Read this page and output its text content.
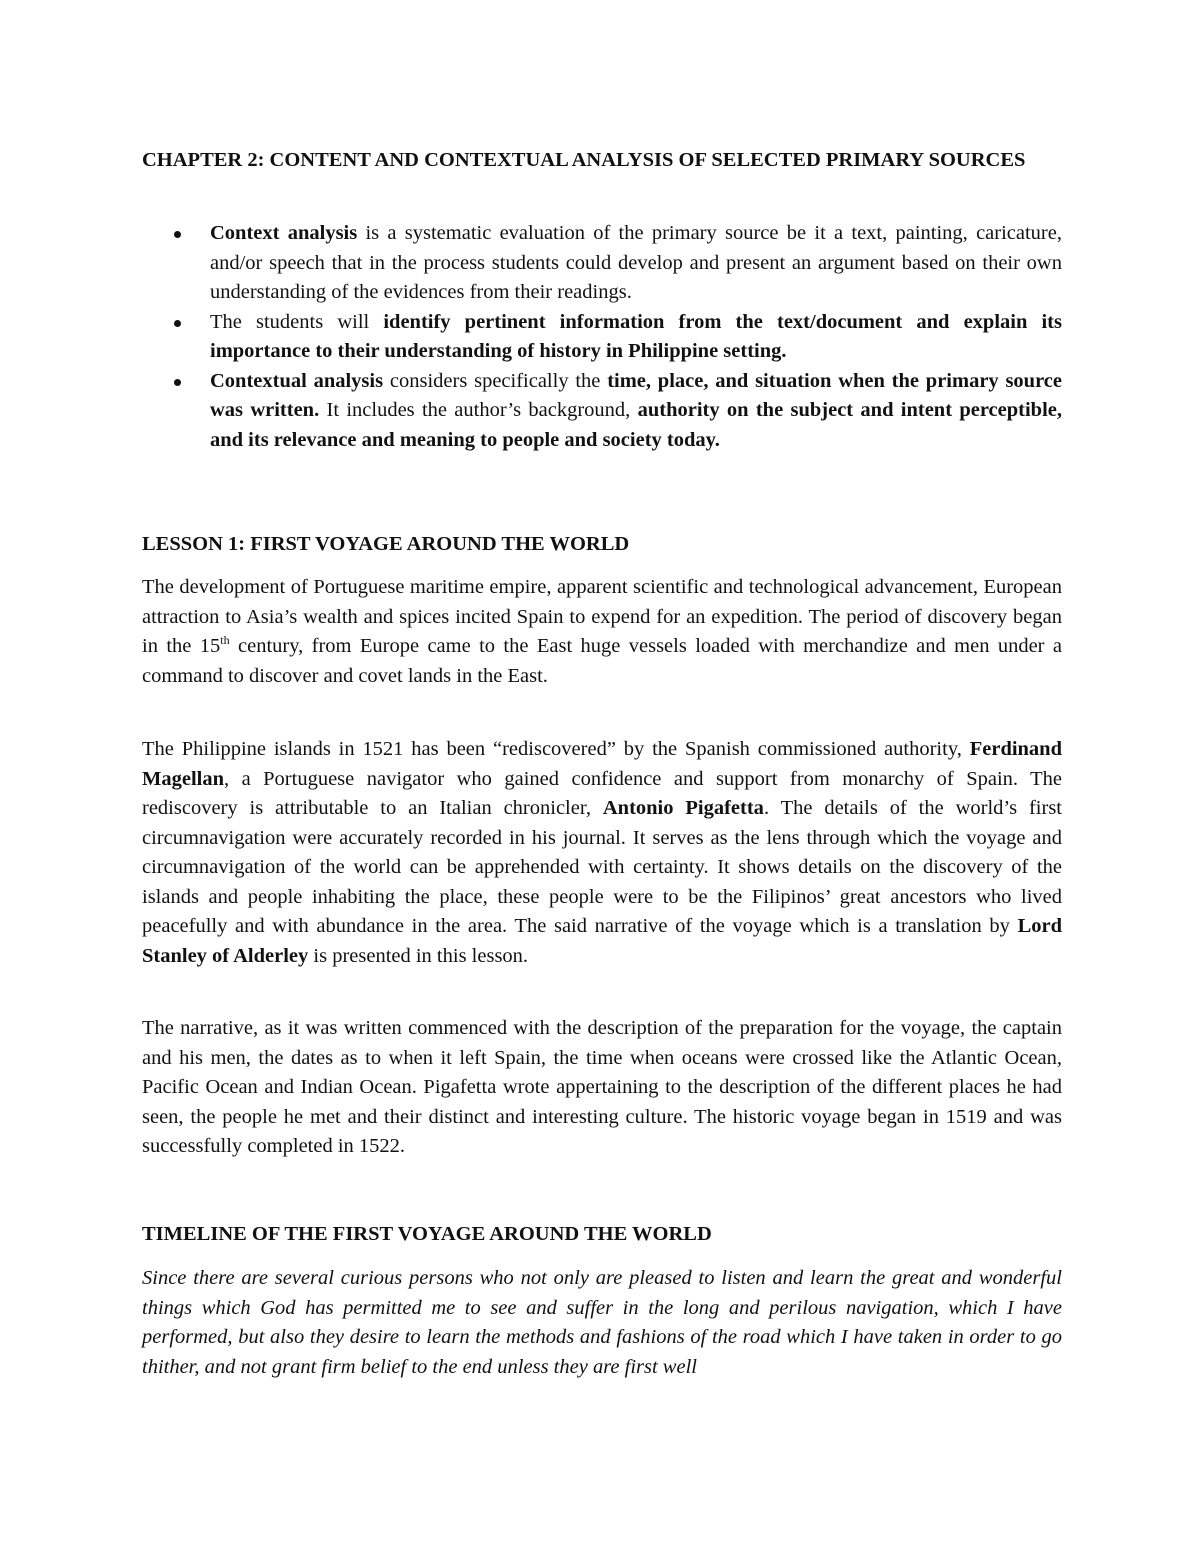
CHAPTER 2: CONTENT AND CONTEXTUAL ANALYSIS OF SELECTED PRIMARY SOURCES
Context analysis is a systematic evaluation of the primary source be it a text, painting, caricature, and/or speech that in the process students could develop and present an argument based on their own understanding of the evidences from their readings.
The students will identify pertinent information from the text/document and explain its importance to their understanding of history in Philippine setting.
Contextual analysis considers specifically the time, place, and situation when the primary source was written. It includes the author’s background, authority on the subject and intent perceptible, and its relevance and meaning to people and society today.
LESSON 1: FIRST VOYAGE AROUND THE WORLD

The development of Portuguese maritime empire, apparent scientific and technological advancement, European attraction to Asia’s wealth and spices incited Spain to expend for an expedition. The period of discovery began in the 15th century, from Europe came to the East huge vessels loaded with merchandize and men under a command to discover and covet lands in the East.

The Philippine islands in 1521 has been “rediscovered” by the Spanish commissioned authority, Ferdinand Magellan, a Portuguese navigator who gained confidence and support from monarchy of Spain. The rediscovery is attributable to an Italian chronicler, Antonio Pigafetta. The details of the world’s first circumnavigation were accurately recorded in his journal. It serves as the lens through which the voyage and circumnavigation of the world can be apprehended with certainty. It shows details on the discovery of the islands and people inhabiting the place, these people were to be the Filipinos’ great ancestors who lived peacefully and with abundance in the area. The said narrative of the voyage which is a translation by Lord Stanley of Alderley is presented in this lesson.

The narrative, as it was written commenced with the description of the preparation for the voyage, the captain and his men, the dates as to when it left Spain, the time when oceans were crossed like the Atlantic Ocean, Pacific Ocean and Indian Ocean. Pigafetta wrote appertaining to the description of the different places he had seen, the people he met and their distinct and interesting culture. The historic voyage began in 1519 and was successfully completed in 1522.

TIMELINE OF THE FIRST VOYAGE AROUND THE WORLD

Since there are several curious persons who not only are pleased to listen and learn the great and wonderful things which God has permitted me to see and suffer in the long and perilous navigation, which I have performed, but also they desire to learn the methods and fashions of the road which I have taken in order to go thither, and not grant firm belief to the end unless they are first well
